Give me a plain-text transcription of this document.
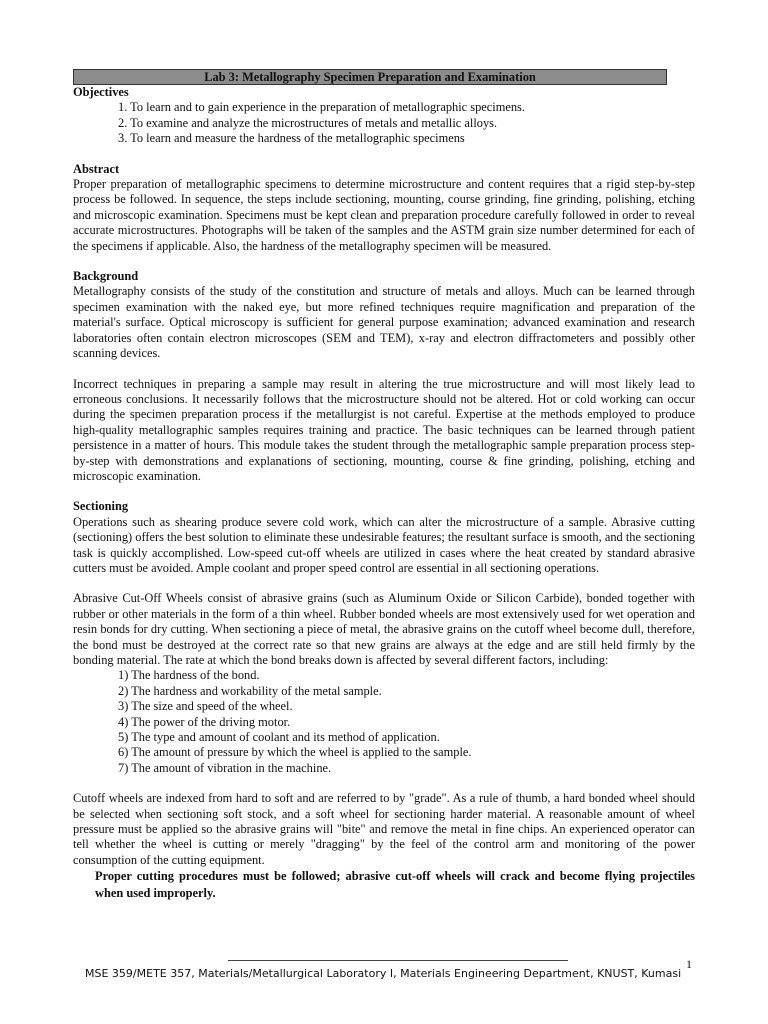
Lab 3: Metallography Specimen Preparation and Examination
Objectives
1. To learn and to gain experience in the preparation of metallographic specimens.
2. To examine and analyze the microstructures of metals and metallic alloys.
3. To learn and measure the hardness of the metallographic specimens
Abstract

Proper preparation of metallographic specimens to determine microstructure and content requires that a rigid step-by-step process be followed. In sequence, the steps include sectioning, mounting, course grinding, fine grinding, polishing, etching and microscopic examination. Specimens must be kept clean and preparation procedure carefully followed in order to reveal accurate microstructures. Photographs will be taken of the samples and the ASTM grain size number determined for each of the specimens if applicable. Also, the hardness of the metallography specimen will be measured.

Background

Metallography consists of the study of the constitution and structure of metals and alloys. Much can be learned through specimen examination with the naked eye, but more refined techniques require magnification and preparation of the material's surface. Optical microscopy is sufficient for general purpose examination; advanced examination and research laboratories often contain electron microscopes (SEM and TEM), x-ray and electron diffractometers and possibly other scanning devices.

Incorrect techniques in preparing a sample may result in altering the true microstructure and will most likely lead to erroneous conclusions. It necessarily follows that the microstructure should not be altered. Hot or cold working can occur during the specimen preparation process if the metallurgist is not careful. Expertise at the methods employed to produce high-quality metallographic samples requires training and practice. The basic techniques can be learned through patient persistence in a matter of hours. This module takes the student through the metallographic sample preparation process step-by-step with demonstrations and explanations of sectioning, mounting, course & fine grinding, polishing, etching and microscopic examination.

Sectioning

Operations such as shearing produce severe cold work, which can alter the microstructure of a sample. Abrasive cutting (sectioning) offers the best solution to eliminate these undesirable features; the resultant surface is smooth, and the sectioning task is quickly accomplished. Low-speed cut-off wheels are utilized in cases where the heat created by standard abrasive cutters must be avoided. Ample coolant and proper speed control are essential in all sectioning operations.

Abrasive Cut-Off Wheels consist of abrasive grains (such as Aluminum Oxide or Silicon Carbide), bonded together with rubber or other materials in the form of a thin wheel. Rubber bonded wheels are most extensively used for wet operation and resin bonds for dry cutting. When sectioning a piece of metal, the abrasive grains on the cutoff wheel become dull, therefore, the bond must be destroyed at the correct rate so that new grains are always at the edge and are still held firmly by the bonding material. The rate at which the bond breaks down is affected by several different factors, including:

1) The hardness of the bond.
2) The hardness and workability of the metal sample.
3) The size and speed of the wheel.
4) The power of the driving motor.
5) The type and amount of coolant and its method of application.
6) The amount of pressure by which the wheel is applied to the sample.
7) The amount of vibration in the machine.

Cutoff wheels are indexed from hard to soft and are referred to by "grade". As a rule of thumb, a hard bonded wheel should be selected when sectioning soft stock, and a soft wheel for sectioning harder material. A reasonable amount of wheel pressure must be applied so the abrasive grains will "bite" and remove the metal in fine chips. An experienced operator can tell whether the wheel is cutting or merely "dragging" by the feel of the control arm and monitoring of the power consumption of the cutting equipment.

Proper cutting procedures must be followed; abrasive cut-off wheels will crack and become flying projectiles when used improperly.

1
MSE 359/METE 357, Materials/Metallurgical Laboratory I, Materials Engineering Department, KNUST, Kumasi
